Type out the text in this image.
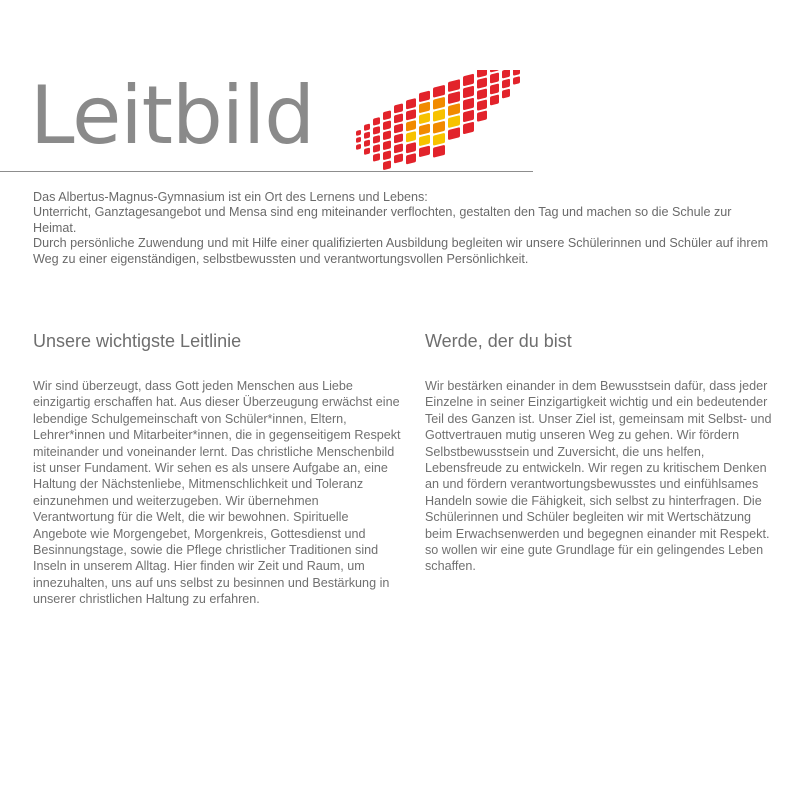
Leitbild

Das Albertus-Magnus-Gymnasium ist ein Ort des Lernens und Lebens:

Unterricht, Ganztagesangebot und Mensa sind eng miteinander verflochten, gestalten den Tag und machen so die Schule zur Heimat.

Durch persönliche Zuwendung und mit Hilfe einer qualifizierten Ausbildung begleiten wir unsere Schülerinnen und Schüler auf ihrem Weg zu einer eigenständigen, selbstbewussten und verantwortungsvollen Persönlichkeit.

Unsere wichtigste Leitlinie

Wir sind überzeugt, dass Gott jeden Menschen aus Liebe einzigartig erschaffen hat. Aus dieser Überzeugung erwächst eine lebendige Schulgemeinschaft von Schüler*innen, Eltern, Lehrer*innen und Mitarbeiter*innen, die in gegenseitigem Respekt miteinander und voneinander lernt. Das christliche Menschenbild ist unser Fundament. Wir sehen es als unsere Aufgabe an, eine Haltung der Nächstenliebe, Mitmenschlichkeit und Toleranz einzunehmen und weiterzugeben. Wir übernehmen Verantwortung für die Welt, die wir bewohnen. Spirituelle Angebote wie Morgengebet, Morgenkreis, Gottesdienst und Besinnungstage, sowie die Pflege christlicher Traditionen sind Inseln in unserem Alltag. Hier finden wir Zeit und Raum, um innezuhalten, uns auf uns selbst zu besinnen und Bestärkung in unserer christlichen Haltung zu erfahren.

Werde, der du bist

Wir bestärken einander in dem Bewusstsein dafür, dass jeder Einzelne in seiner Einzigartigkeit wichtig und ein bedeutender Teil des Ganzen ist. Unser Ziel ist, gemeinsam mit Selbst- und Gottvertrauen mutig unseren Weg zu gehen. Wir fördern Selbstbewusstsein und Zuversicht, die uns helfen, Lebensfreude zu entwickeln. Wir regen zu kritischem Denken an und fördern verantwortungsbewusstes und einfühlsames Handeln sowie die Fähigkeit, sich selbst zu hinterfragen. Die Schülerinnen und Schüler begleiten wir mit Wertschätzung beim Erwachsenwerden und begegnen einander mit Respekt. so wollen wir eine gute Grundlage für ein gelingendes Leben schaffen.
